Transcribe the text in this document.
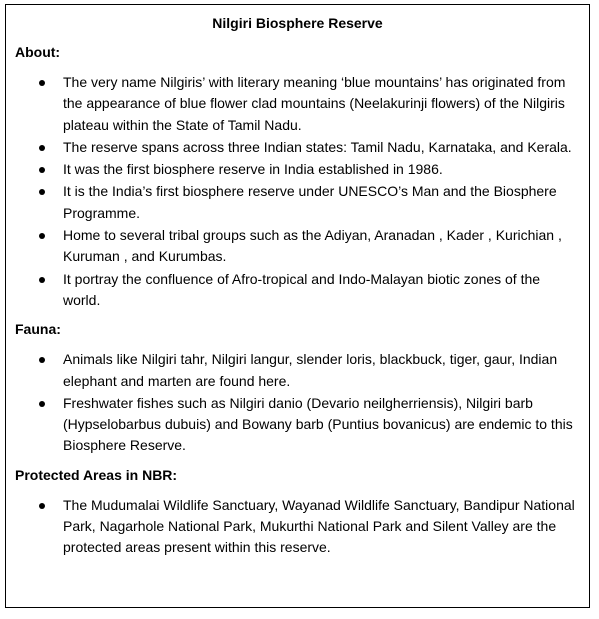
Nilgiri Biosphere Reserve
About:
The very name Nilgiris’ with literary meaning ‘blue mountains’ has originated from the appearance of blue flower clad mountains (Neelakurinji flowers) of the Nilgiris plateau within the State of Tamil Nadu.
The reserve spans across three Indian states: Tamil Nadu, Karnataka, and Kerala.
It was the first biosphere reserve in India established in 1986.
It is the India’s first biosphere reserve under UNESCO’s Man and the Biosphere Programme.
Home to several tribal groups such as the Adiyan, Aranadan , Kader , Kurichian , Kuruman , and Kurumbas.
It portray the confluence of Afro-tropical and Indo-Malayan biotic zones of the world.
Fauna:
Animals like Nilgiri tahr, Nilgiri langur, slender loris, blackbuck, tiger, gaur, Indian elephant and marten are found here.
Freshwater fishes such as Nilgiri danio (Devario neilgherriensis), Nilgiri barb (Hypselobarbus dubuis) and Bowany barb (Puntius bovanicus) are endemic to this Biosphere Reserve.
Protected Areas in NBR:
The Mudumalai Wildlife Sanctuary, Wayanad Wildlife Sanctuary, Bandipur National Park, Nagarhole National Park, Mukurthi National Park and Silent Valley are the protected areas present within this reserve.
